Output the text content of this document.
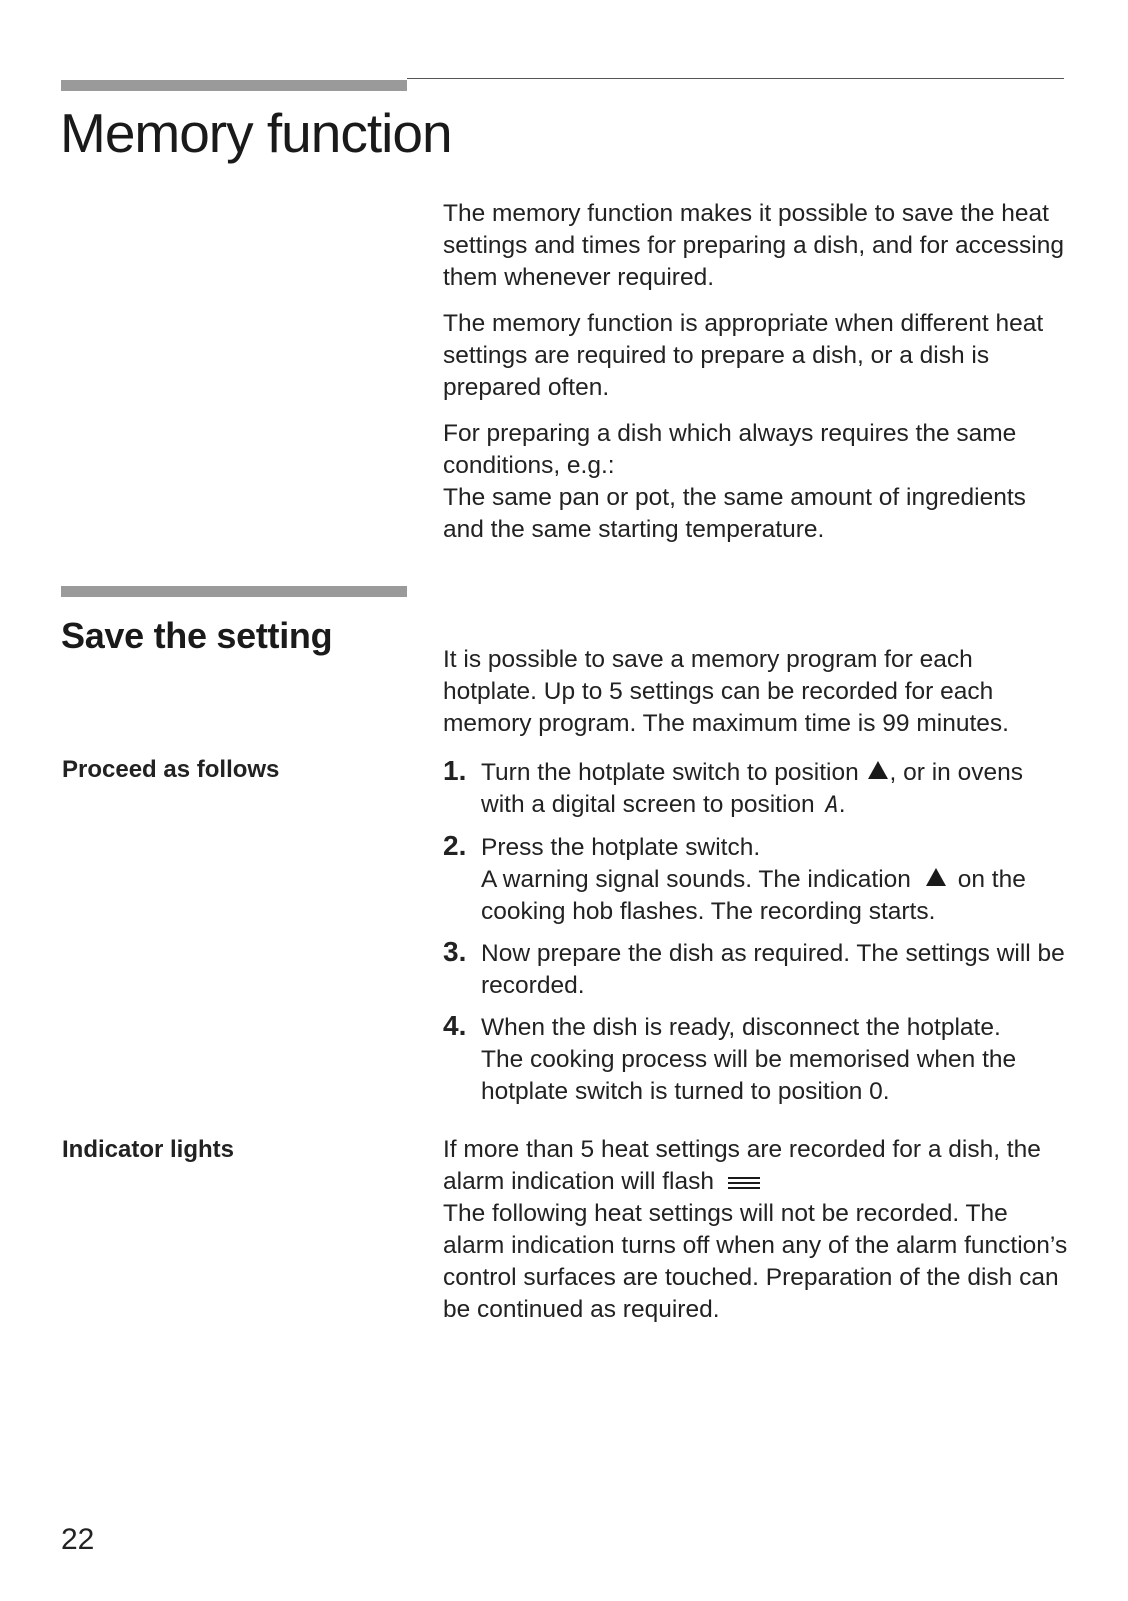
Memory function

The memory function makes it possible to save the heat settings and times for preparing a dish, and for accessing them whenever required.

The memory function is appropriate when different heat settings are required to prepare a dish, or a dish is prepared often.

For preparing a dish which always requires the same conditions, e.g.:

The same pan or pot, the same amount of ingredients and the same starting temperature.

Save the setting

It is possible to save a memory program for each hotplate. Up to 5 settings can be recorded for each memory program. The maximum time is 99 minutes.

Proceed as follows	1. Turn the hotplate switch to position , or in ovens with a digital screen to position A.
2. Press the hotplate switch.
A warning signal sounds. The indication on the cooking hob flashes. The recording starts.
3. Now prepare the dish as required. The settings will be recorded.
4. When the dish is ready, disconnect the hotplate.
The cooking process will be memorised when the hotplate switch is turned to position 0.
Indicator lights	If more than 5 heat settings are recorded for a dish, the alarm indication will flash

The following heat settings will not be recorded. The alarm indication turns off when any of the alarm function’s control surfaces are touched. Preparation of the dish can be continued as required.

22
